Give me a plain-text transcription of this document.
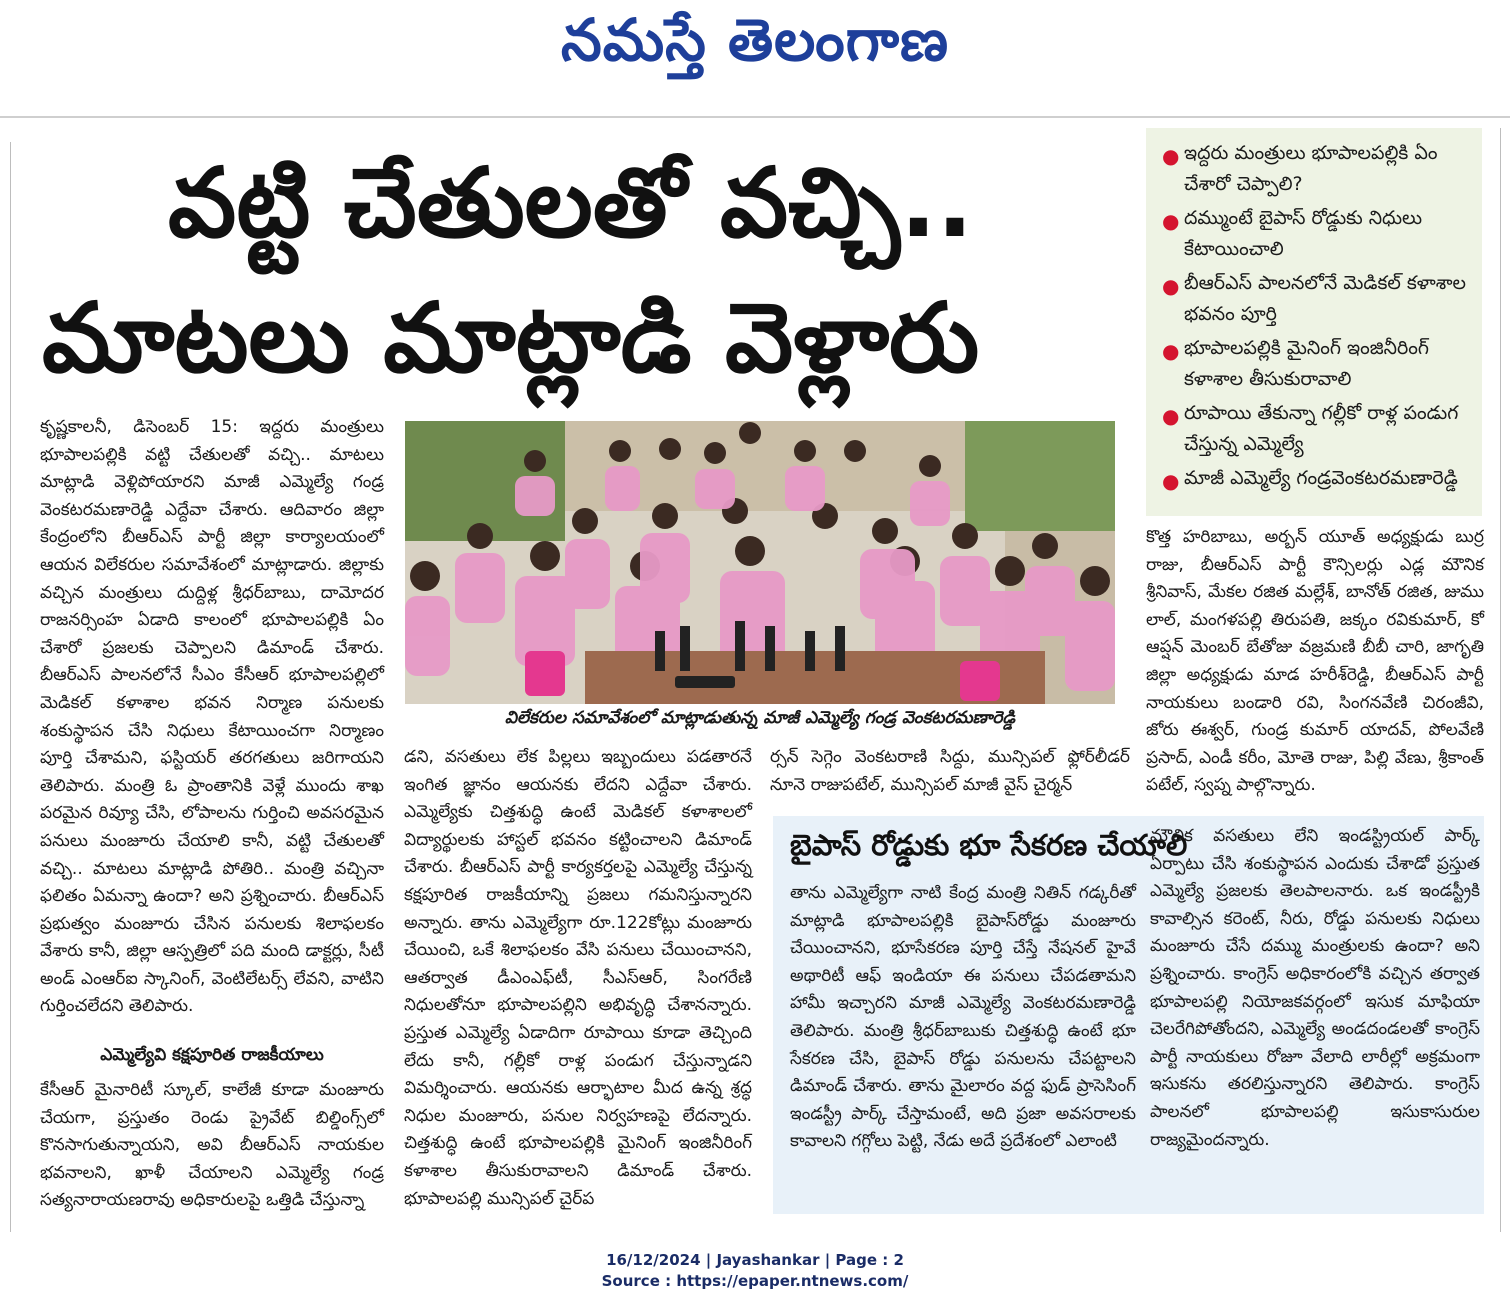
నమస్తే తెలంగాణ
వట్టి చేతులతో వచ్చి..
మాటలు మాట్లాడి వెళ్లారు
● ఇద్దరు మంత్రులు భూపాలపల్లికి ఏం చేశారో చెప్పాలి?
● దమ్ముంటే బైపాస్ రోడ్డుకు నిధులు కేటాయించాలి
● బీఆర్ఎస్ పాలనలోనే మెడికల్ కళాశాల భవనం పూర్తి
● భూపాలపల్లికి మైనింగ్ ఇంజినీరింగ్ కళాశాల తీసుకురావాలి
● రూపాయి తేకున్నా గల్లీకో రాళ్ల పండుగ చేస్తున్న ఎమ్మెల్యే
● మాజీ ఎమ్మెల్యే గండ్రవెంకటరమణారెడ్డి
కృష్ణకాలనీ, డిసెంబర్ 15: ఇద్దరు మంత్రులు భూపాలపల్లికి వట్టి చేతులతో వచ్చి.. మాటలు మాట్లాడి వెళ్లిపోయారని మాజీ ఎమ్మెల్యే గండ్ర వెంకటరమణారెడ్డి ఎద్దేవా చేశారు. ఆదివారం జిల్లా కేంద్రంలోని బీఆర్ఎస్ పార్టీ జిల్లా కార్యాలయంలో ఆయన విలేకరుల సమావేశంలో మాట్లాడారు. జిల్లాకు వచ్చిన మంత్రులు దుద్దిళ్ల శ్రీధర్‌బాబు, దామోదర రాజనర్సింహ ఏడాది కాలంలో భూపాలపల్లికి ఏం చేశారో ప్రజలకు చెప్పాలని డిమాండ్ చేశారు. బీఆర్ఎస్ పాలనలోనే సీఎం కేసీఆర్ భూపాలపల్లిలో మెడికల్ కళాశాల భవన నిర్మాణ పనులకు శంకుస్థాపన చేసి నిధులు కేటాయించగా నిర్మాణం పూర్తి చేశామని, ఫస్టియర్ తరగతులు జరిగాయని తెలిపారు. మంత్రి ఓ ప్రాంతానికి వెళ్లే ముందు శాఖ పరమైన రివ్యూ చేసి, లోపాలను గుర్తించి అవసరమైన పనులు మంజూరు చేయాలి కానీ, వట్టి చేతులతో వచ్చి.. మాటలు మాట్లాడి పోతిరి.. మంత్రి వచ్చినా ఫలితం ఏమన్నా ఉందా? అని ప్రశ్నించారు. బీఆర్ఎస్ ప్రభుత్వం మంజూరు చేసిన పనులకు శిలాఫలకం వేశారు కానీ, జిల్లా ఆస్పత్రిలో పది మంది డాక్టర్లు, సీటీ అండ్ ఎంఆర్ఐ స్కానింగ్, వెంటిలేటర్స్ లేవని, వాటిని గుర్తించలేదని తెలిపారు.
ఎమ్మెల్యేవి కక్షపూరిత రాజకీయాలు
కేసీఆర్ మైనారిటీ స్కూల్, కాలేజీ కూడా మంజూరు చేయగా, ప్రస్తుతం రెండు ప్రైవేట్ బిల్డింగ్స్‌లో కొనసాగుతున్నాయని, అవి బీఆర్ఎస్ నాయకుల భవనాలని, ఖాళీ చేయాలని ఎమ్మెల్యే గండ్ర సత్యనారాయణరావు అధికారులపై ఒత్తిడి చేస్తున్నా
విలేకరుల సమావేశంలో మాట్లాడుతున్న మాజీ ఎమ్మెల్యే గండ్ర వెంకటరమణారెడ్డి
డని, వసతులు లేక పిల్లలు ఇబ్బందులు పడతారనే ఇంగిత జ్ఞానం ఆయనకు లేదని ఎద్దేవా చేశారు. ఎమ్మెల్యేకు చిత్తశుద్ధి ఉంటే మెడికల్ కళాశాలలో విద్యార్థులకు హాస్టల్ భవనం కట్టించాలని డిమాండ్ చేశారు. బీఆర్ఎస్ పార్టీ కార్యకర్తలపై ఎమ్మెల్యే చేస్తున్న కక్షపూరిత రాజకీయాన్ని ప్రజలు గమనిస్తున్నారని అన్నారు. తాను ఎమ్మెల్యేగా రూ.122కోట్లు మంజూరు చేయించి, ఒకే శిలాఫలకం వేసి పనులు చేయించానని, ఆతర్వాత డీఎంఎఫ్‌టీ, సీఎస్ఆర్, సింగరేణి నిధులతోనూ భూపాలపల్లిని అభివృద్ధి చేశానన్నారు. ప్రస్తుత ఎమ్మెల్యే ఏడాదిగా రూపాయి కూడా తెచ్చింది లేదు కానీ, గల్లీకో రాళ్ల పండుగ చేస్తున్నాడని విమర్శించారు. ఆయనకు ఆర్భాటాల మీద ఉన్న శ్రద్ధ నిధుల మంజూరు, పనుల నిర్వహణపై లేదన్నారు. చిత్తశుద్ధి ఉంటే భూపాలపల్లికి మైనింగ్ ఇంజినీరింగ్ కళాశాల తీసుకురావాలని డిమాండ్ చేశారు. భూపాలపల్లి మున్సిపల్ చైర్‌ప
ర్సన్ సెగ్గెం వెంకటరాణి సిద్దు, మున్సిపల్ ఫ్లోర్‌లీడర్ నూనె రాజుపటేల్, మున్సిపల్ మాజీ వైస్ చైర్మన్
కొత్త హరిబాబు, అర్బన్ యూత్ అధ్యక్షుడు బుర్ర రాజు, బీఆర్ఎస్ పార్టీ కౌన్సిలర్లు ఎడ్ల మౌనిక శ్రీనివాస్, మేకల రజిత మల్లేశ్, బానోత్ రజిత, జుము లాల్, మంగళపల్లి తిరుపతి, జక్కం రవికుమార్, కో ఆప్షన్ మెంబర్ బేతోజు వజ్రమణి బీబీ చారి, జాగృతి జిల్లా అధ్యక్షుడు మాడ హరీశ్‌రెడ్డి, బీఆర్ఎస్ పార్టీ నాయకులు బండారి రవి, సింగనవేణి చిరంజీవి, జోరు ఈశ్వర్, గుండ్ర కుమార్ యాదవ్, పోలవేణి ప్రసాద్, ఎండీ కరీం, మోతె రాజు, పిల్లి వేణు, శ్రీకాంత్ పటేల్, స్వప్న పాల్గొన్నారు.
బైపాస్ రోడ్డుకు భూ సేకరణ చేయాలి
తాను ఎమ్మెల్యేగా నాటి కేంద్ర మంత్రి నితిన్ గడ్కరీతో మాట్లాడి భూపాలపల్లికి బైపాస్‌రోడ్డు మంజూరు చేయించానని, భూసేకరణ పూర్తి చేస్తే నేషనల్ హైవే అథారిటీ ఆఫ్ ఇండియా ఈ పనులు చేపడతామని హామీ ఇచ్చారని మాజీ ఎమ్మెల్యే వెంకటరమణారెడ్డి తెలిపారు. మంత్రి శ్రీధర్‌బాబుకు చిత్తశుద్ధి ఉంటే భూ సేకరణ చేసి, బైపాస్ రోడ్డు పనులను చేపట్టాలని డిమాండ్ చేశారు. తాను మైలారం వద్ద ఫుడ్ ప్రాసెసింగ్ ఇండస్ట్రీ పార్క్ చేస్తామంటే, అది ప్రజా అవసరాలకు కావాలని గగ్గోలు పెట్టి, నేడు అదే ప్రదేశంలో ఎలాంటి
మౌలిక వసతులు లేని ఇండస్ట్రియల్ పార్క్ ఏర్పాటు చేసి శంకుస్థాపన ఎందుకు చేశాడో ప్రస్తుత ఎమ్మెల్యే ప్రజలకు తెలపాలనారు. ఒక ఇండస్ట్రీకి కావాల్సిన కరెంట్, నీరు, రోడ్డు పనులకు నిధులు మంజూరు చేసే దమ్ము మంత్రులకు ఉందా? అని ప్రశ్నించారు. కాంగ్రెస్ అధికారంలోకి వచ్చిన తర్వాత భూపాలపల్లి నియోజకవర్గంలో ఇసుక మాఫియా చెలరేగిపోతోందని, ఎమ్మెల్యే అండదండలతో కాంగ్రెస్ పార్టీ నాయకులు రోజూ వేలాది లారీల్లో అక్రమంగా ఇసుకను తరలిస్తున్నారని తెలిపారు. కాంగ్రెస్ పాలనలో భూపాలపల్లి ఇసుకాసురుల రాజ్యమైందన్నారు.
16/12/2024 | Jayashankar | Page : 2
Source : https://epaper.ntnews.com/
